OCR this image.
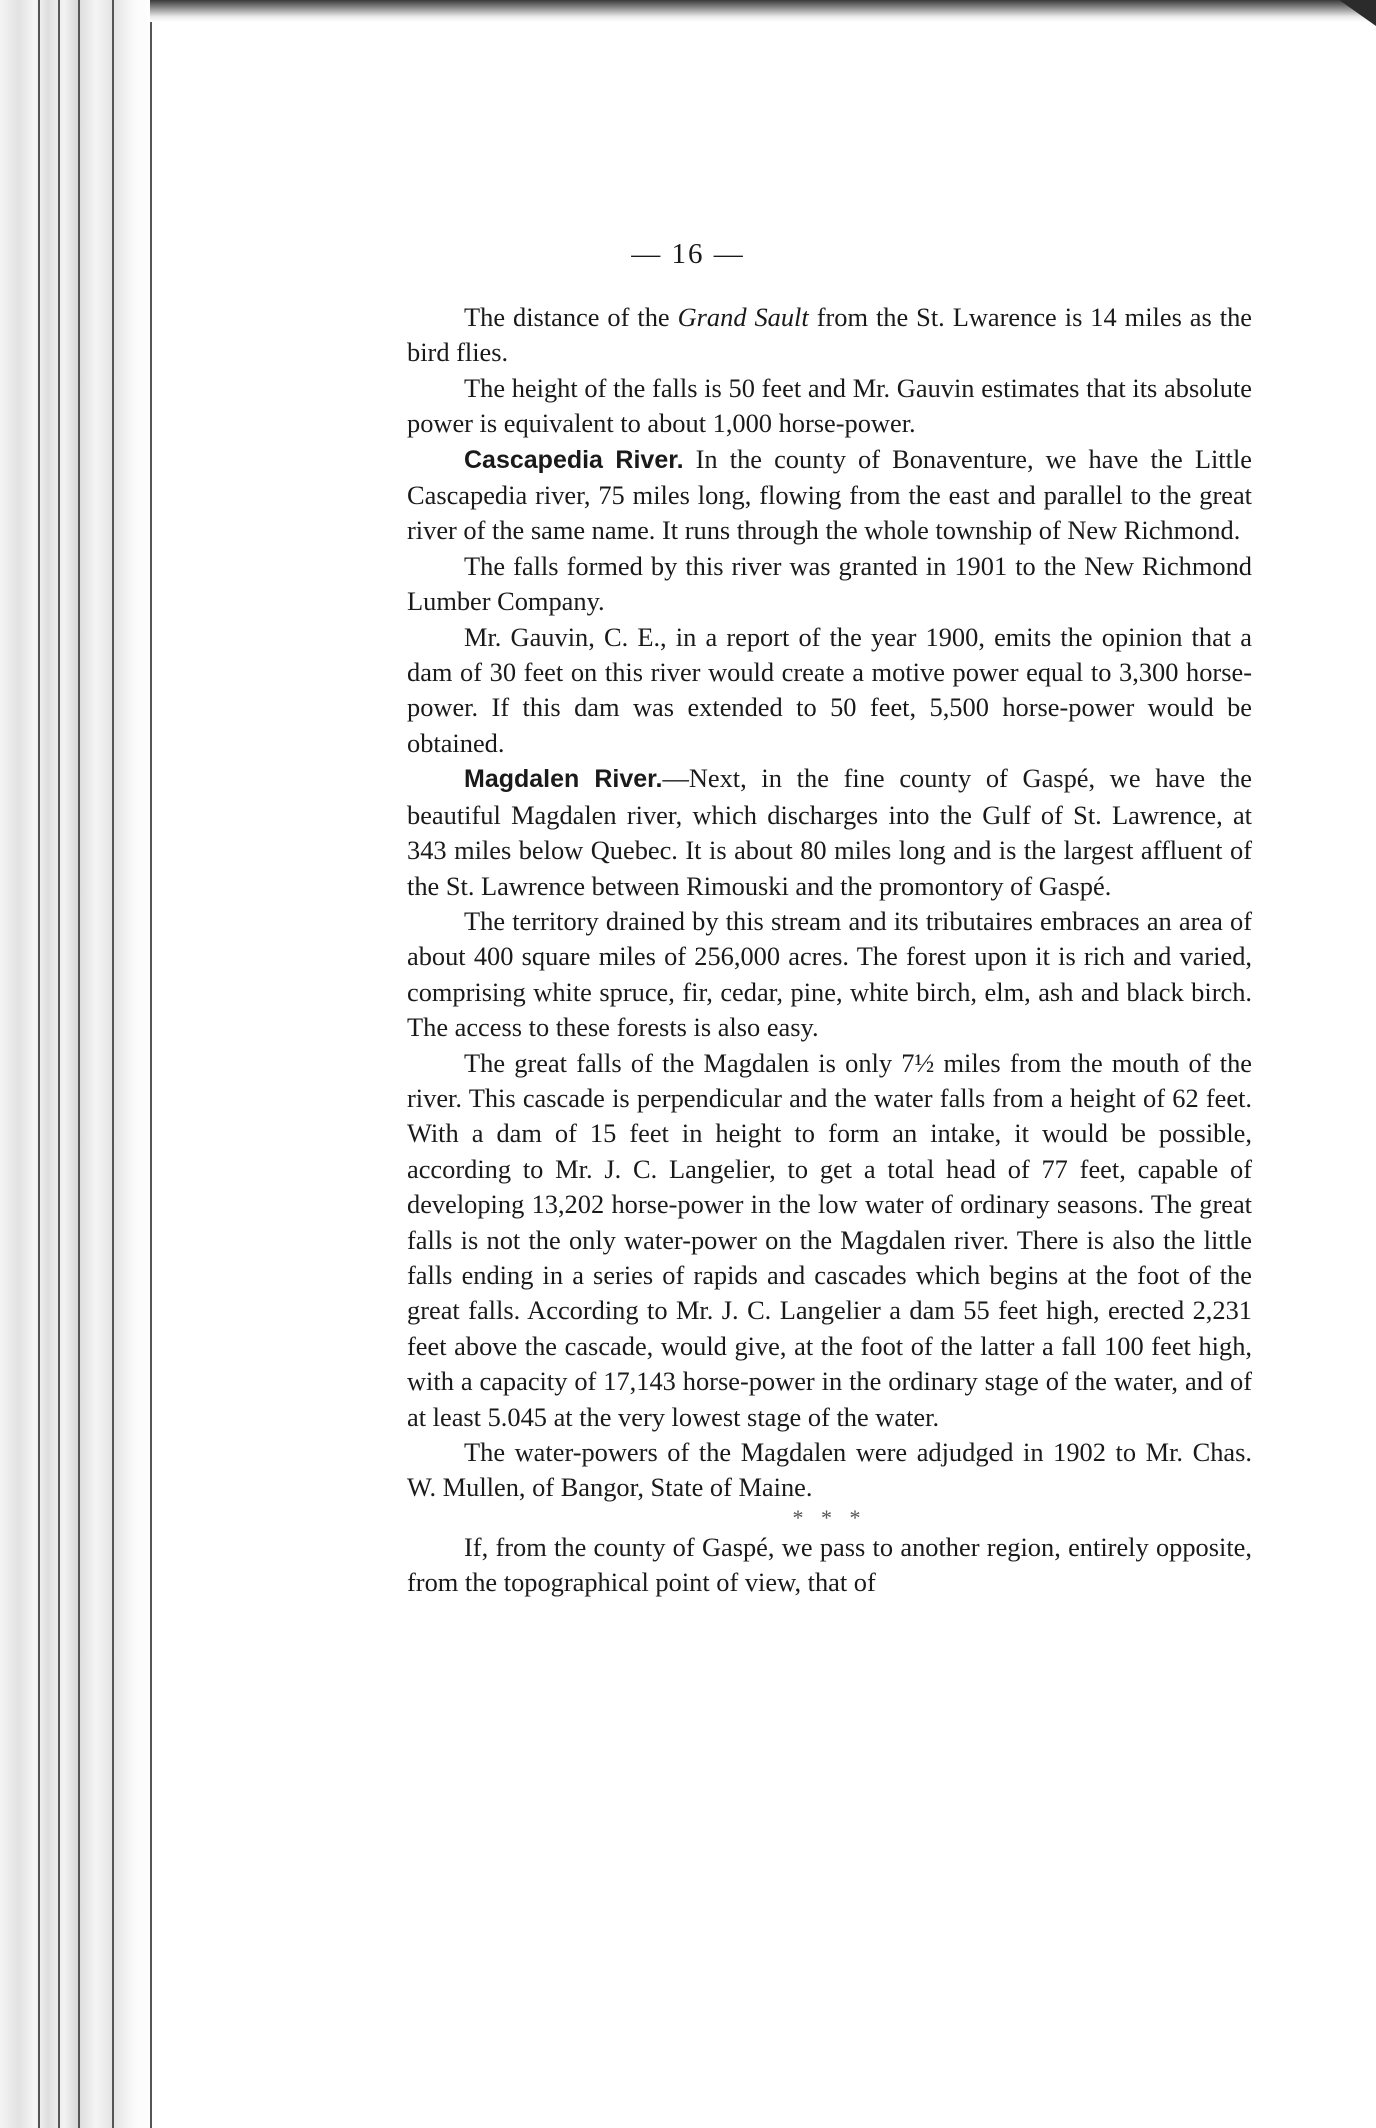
— 16 —

The distance of the Grand Sault from the St. Lwarence is 14 miles as the bird flies.

The height of the falls is 50 feet and Mr. Gauvin estimates that its absolute power is equivalent to about 1,000 horse-power.

Cascapedia River. In the county of Bonaventure, we have the Little Cascapedia river, 75 miles long, flowing from the east and parallel to the great river of the same name. It runs through the whole township of New Richmond.

The falls formed by this river was granted in 1901 to the New Richmond Lumber Company.

Mr. Gauvin, C. E., in a report of the year 1900, emits the opinion that a dam of 30 feet on this river would create a motive power equal to 3,300 horse-power. If this dam was extended to 50 feet, 5,500 horse-power would be obtained.

Magdalen River.—Next, in the fine county of Gaspé, we have the beautiful Magdalen river, which discharges into the Gulf of St. Lawrence, at 343 miles below Quebec. It is about 80 miles long and is the largest affluent of the St. Lawrence between Rimouski and the promontory of Gaspé.

The territory drained by this stream and its tributaires embraces an area of about 400 square miles of 256,000 acres. The forest upon it is rich and varied, comprising white spruce, fir, cedar, pine, white birch, elm, ash and black birch. The access to these forests is also easy.

The great falls of the Magdalen is only 7½ miles from the mouth of the river. This cascade is perpendicular and the water falls from a height of 62 feet. With a dam of 15 feet in height to form an intake, it would be possible, according to Mr. J. C. Langelier, to get a total head of 77 feet, capable of developing 13,202 horse-power in the low water of ordinary seasons. The great falls is not the only water-power on the Magdalen river. There is also the little falls ending in a series of rapids and cascades which begins at the foot of the great falls. According to Mr. J. C. Langelier a dam 55 feet high, erected 2,231 feet above the cascade, would give, at the foot of the latter a fall 100 feet high, with a capacity of 17,143 horse-power in the ordinary stage of the water, and of at least 5.045 at the very lowest stage of the water.

The water-powers of the Magdalen were adjudged in 1902 to Mr. Chas. W. Mullen, of Bangor, State of Maine.

* * *

If, from the county of Gaspé, we pass to another region, entirely opposite, from the topographical point of view, that of
